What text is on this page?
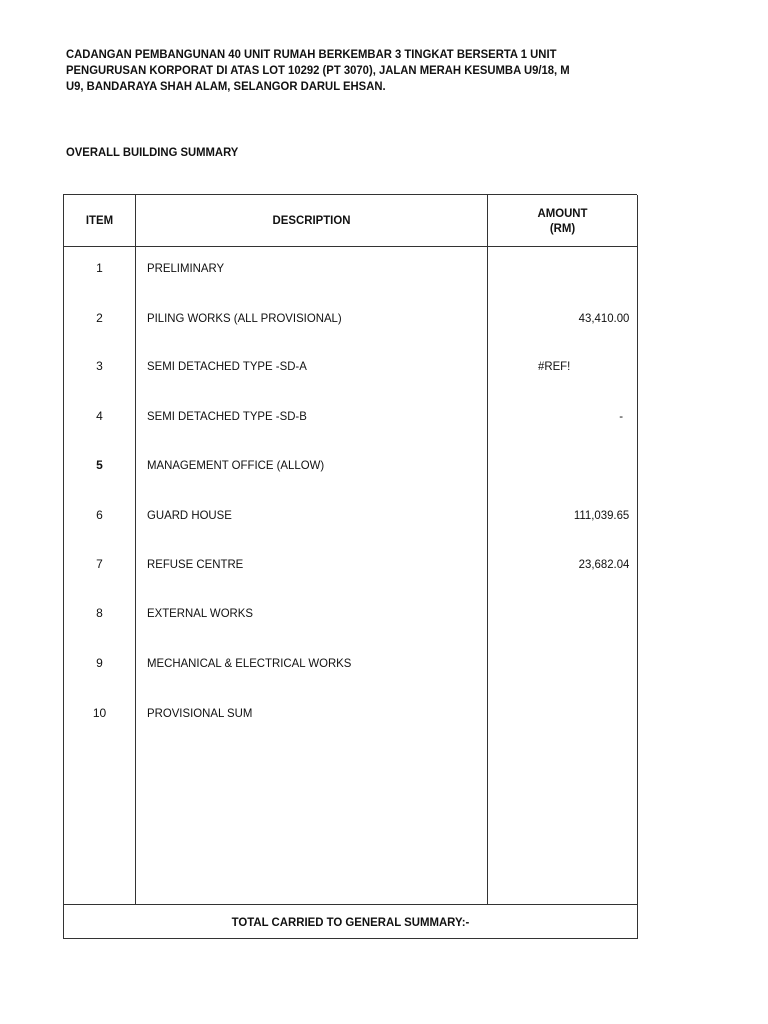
CADANGAN PEMBANGUNAN 40 UNIT RUMAH BERKEMBAR 3 TINGKAT BERSERTA 1 UNIT
PENGURUSAN KORPORAT DI ATAS LOT 10292 (PT 3070), JALAN MERAH KESUMBA U9/18, M
U9, BANDARAYA SHAH ALAM, SELANGOR DARUL EHSAN.
OVERALL BUILDING SUMMARY
ITEM	DESCRIPTION
AMOUNT
(RM)
1	PRELIMINARY
2	PILING WORKS (ALL PROVISIONAL)	43,410.00
3	SEMI DETACHED TYPE -SD-A	#REF!
4	SEMI DETACHED TYPE -SD-B	-
5	MANAGEMENT OFFICE (ALLOW)
6	GUARD HOUSE	111,039.65
7	REFUSE CENTRE	23,682.04
8	EXTERNAL WORKS
9	MECHANICAL & ELECTRICAL WORKS
10	PROVISIONAL SUM
TOTAL CARRIED TO GENERAL SUMMARY:-
